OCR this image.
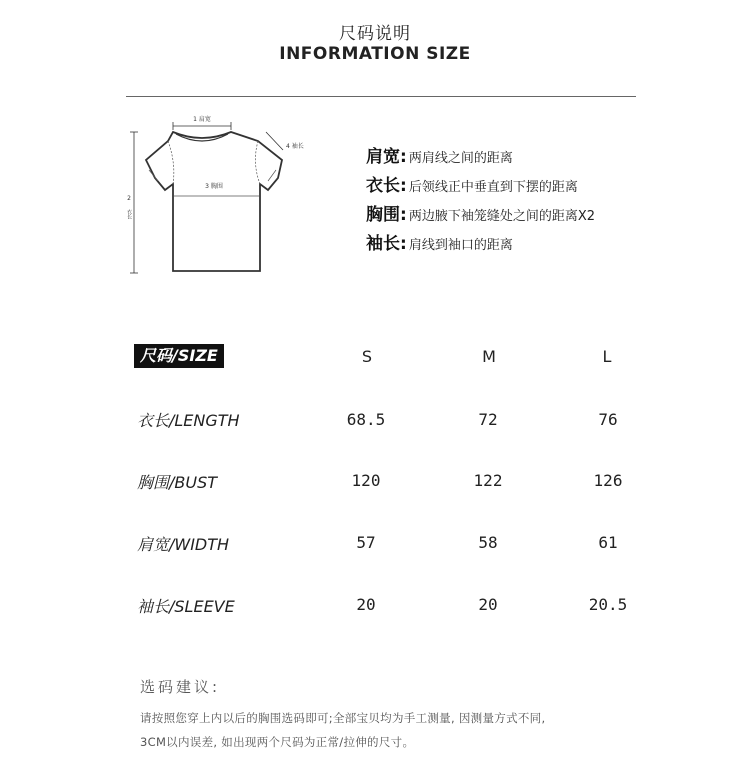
尺码说明
INFORMATION SIZE
1 肩宽
2
衣长
4 袖长
3 胸围
肩宽: 两肩线之间的距离
衣长: 后领线正中垂直到下摆的距离
胸围: 两边腋下袖笼缝处之间的距离X2
袖长: 肩线到袖口的距离
尺码/SIZE	S	M	L
衣长/LENGTH	68.5	72	76
胸围/BUST	120	122	126
肩宽/WIDTH	57	58	61
袖长/SLEEVE	20	20	20.5
选码建议:
请按照您穿上内以后的胸围选码即可;全部宝贝均为手工测量, 因测量方式不同,
3CM以内误差, 如出现两个尺码为正常/拉伸的尺寸。
